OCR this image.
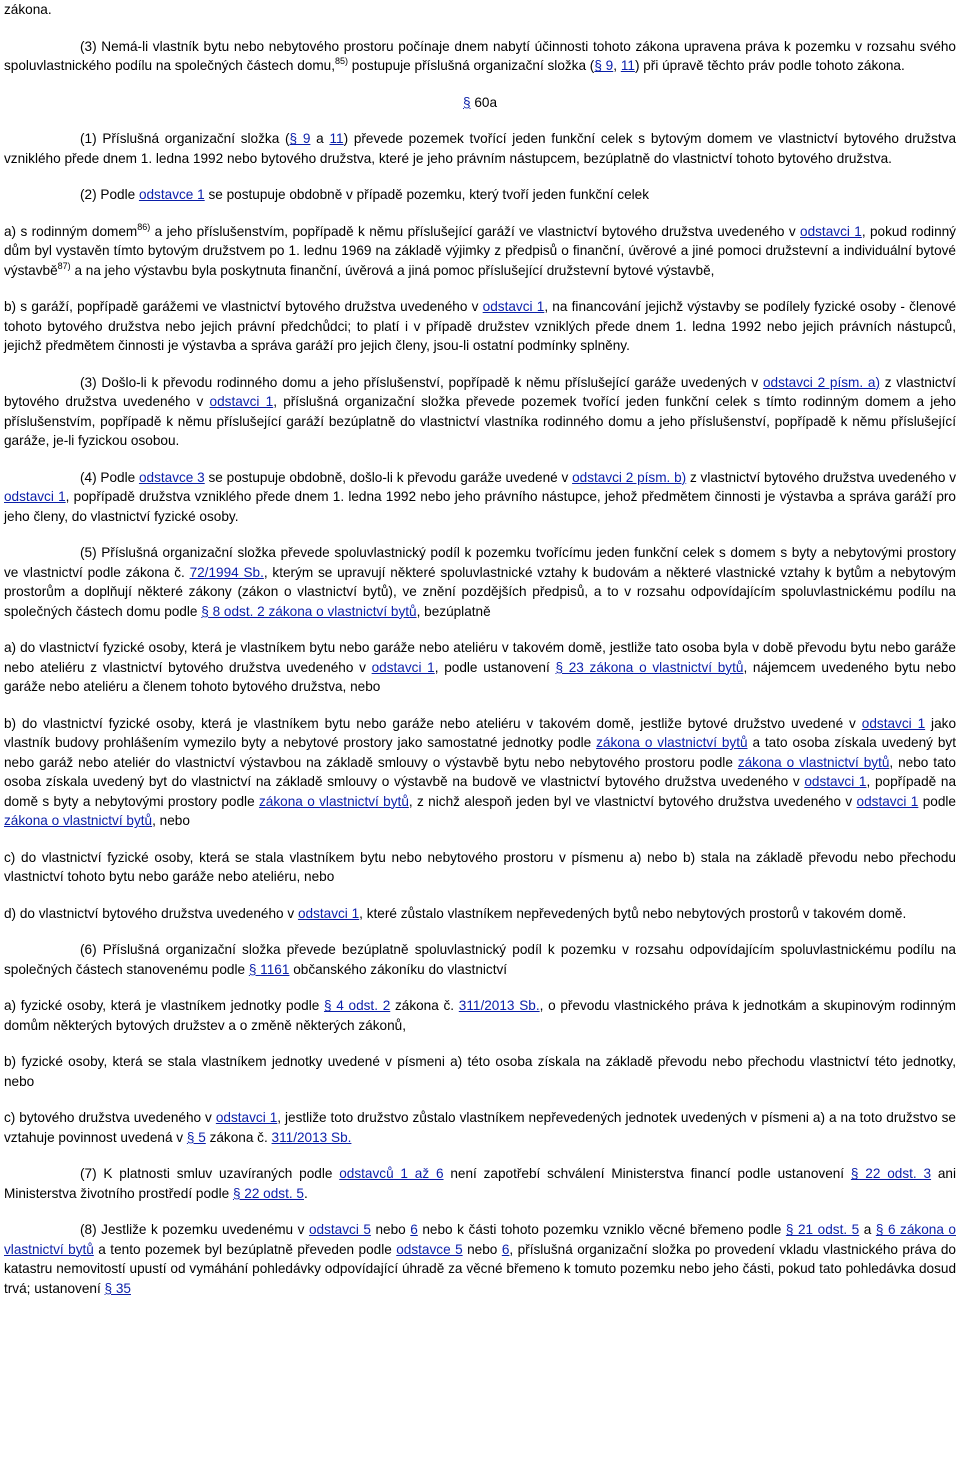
zákona.

(3) Nemá-li vlastník bytu nebo nebytového prostoru počínaje dnem nabytí účinnosti tohoto zákona upravena práva k pozemku v rozsahu svého spoluvlastnického podílu na společných částech domu,$^{85)}$ postupuje příslušná organizační složka (§ 9, 11) při úpravě těchto práv podle tohoto zákona.

§ 60a

(1) Příslušná organizační složka (§ 9 a 11) převede pozemek tvořící jeden funkční celek s bytovým domem ve vlastnictví bytového družstva vzniklého přede dnem 1. ledna 1992 nebo bytového družstva, které je jeho právním nástupcem, bezúplatně do vlastnictví tohoto bytového družstva.

(2) Podle odstavce 1 se postupuje obdobně v případě pozemku, který tvoří jeden funkční celek

a) s rodinným domem$^{86)}$ a jeho příslušenstvím, popřípadě k němu příslušející garáží ve vlastnictví bytového družstva uvedeného v odstavci 1, pokud rodinný dům byl vystavěn tímto bytovým družstvem po 1. lednu 1969 na základě výjimky z předpisů o finanční, úvěrové a jiné pomoci družstevní a individuální bytové výstavbě$^{87)}$ a na jeho výstavbu byla poskytnuta finanční, úvěrová a jiná pomoc příslušející družstevní bytové výstavbě,

b) s garáží, popřípadě garážemi ve vlastnictví bytového družstva uvedeného v odstavci 1, na financování jejichž výstavby se podílely fyzické osoby - členové tohoto bytového družstva nebo jejich právní předchůdci; to platí i v případě družstev vzniklých přede dnem 1. ledna 1992 nebo jejich právních nástupců, jejichž předmětem činnosti je výstavba a správa garáží pro jejich členy, jsou-li ostatní podmínky splněny.

(3) Došlo-li k převodu rodinného domu a jeho příslušenství, popřípadě k němu příslušející garáže uvedených v odstavci 2 písm. a) z vlastnictví bytového družstva uvedeného v odstavci 1, příslušná organizační složka převede pozemek tvořící jeden funkční celek s tímto rodinným domem a jeho příslušenstvím, popřípadě k němu příslušející garáží bezúplatně do vlastnictví vlastníka rodinného domu a jeho příslušenství, popřípadě k němu příslušející garáže, je-li fyzickou osobou.

(4) Podle odstavce 3 se postupuje obdobně, došlo-li k převodu garáže uvedené v odstavci 2 písm. b) z vlastnictví bytového družstva uvedeného v odstavci 1, popřípadě družstva vzniklého přede dnem 1. ledna 1992 nebo jeho právního nástupce, jehož předmětem činnosti je výstavba a správa garáží pro jeho členy, do vlastnictví fyzické osoby.

(5) Příslušná organizační složka převede spoluvlastnický podíl k pozemku tvořícímu jeden funkční celek s domem s byty a nebytovými prostory ve vlastnictví podle zákona č. 72/1994 Sb., kterým se upravují některé spoluvlastnické vztahy k budovám a některé vlastnické vztahy k bytům a nebytovým prostorům a doplňují některé zákony (zákon o vlastnictví bytů), ve znění pozdějších předpisů, a to v rozsahu odpovídajícím spoluvlastnickému podílu na společných částech domu podle § 8 odst. 2 zákona o vlastnictví bytů, bezúplatně

a) do vlastnictví fyzické osoby, která je vlastníkem bytu nebo garáže nebo ateliéru v takovém domě, jestliže tato osoba byla v době převodu bytu nebo garáže nebo ateliéru z vlastnictví bytového družstva uvedeného v odstavci 1, podle ustanovení § 23 zákona o vlastnictví bytů, nájemcem uvedeného bytu nebo garáže nebo ateliéru a členem tohoto bytového družstva, nebo

b) do vlastnictví fyzické osoby, která je vlastníkem bytu nebo garáže nebo ateliéru v takovém domě, jestliže bytové družstvo uvedené v odstavci 1 jako vlastník budovy prohlášením vymezilo byty a nebytové prostory jako samostatné jednotky podle zákona o vlastnictví bytů a tato osoba získala uvedený byt nebo garáž nebo ateliér do vlastnictví výstavbou na základě smlouvy o výstavbě bytu nebo nebytového prostoru podle zákona o vlastnictví bytů, nebo tato osoba získala uvedený byt do vlastnictví na základě smlouvy o výstavbě na budově ve vlastnictví bytového družstva uvedeného v odstavci 1, popřípadě na domě s byty a nebytovými prostory podle zákona o vlastnictví bytů, z nichž alespoň jeden byl ve vlastnictví bytového družstva uvedeného v odstavci 1 podle zákona o vlastnictví bytů, nebo

c) do vlastnictví fyzické osoby, která se stala vlastníkem bytu nebo nebytového prostoru v písmenu a) nebo b) stala na základě převodu nebo přechodu vlastnictví tohoto bytu nebo garáže nebo ateliéru, nebo

d) do vlastnictví bytového družstva uvedeného v odstavci 1, které zůstalo vlastníkem nepřevedených bytů nebo nebytových prostorů v takovém domě.

(6) Příslušná organizační složka převede bezúplatně spoluvlastnický podíl k pozemku v rozsahu odpovídajícím spoluvlastnickému podílu na společných částech stanovenému podle § 1161 občanského zákoníku do vlastnictví

a) fyzické osoby, která je vlastníkem jednotky podle § 4 odst. 2 zákona č. 311/2013 Sb., o převodu vlastnického práva k jednotkám a skupinovým rodinným domům některých bytových družstev a o změně některých zákonů,

b) fyzické osoby, která se stala vlastníkem jednotky uvedené v písmeni a) této osoba získala na základě převodu nebo přechodu vlastnictví této jednotky, nebo

c) bytového družstva uvedeného v odstavci 1, jestliže toto družstvo zůstalo vlastníkem nepřevedených jednotek uvedených v písmeni a) a na toto družstvo se vztahuje povinnost uvedená v § 5 zákona č. 311/2013 Sb.

(7) K platnosti smluv uzavíraných podle odstavců 1 až 6 není zapotřebí schválení Ministerstva financí podle ustanovení § 22 odst. 3 ani Ministerstva životního prostředí podle § 22 odst. 5.

(8) Jestliže k pozemku uvedenému v odstavci 5 nebo 6 nebo k části tohoto pozemku vzniklo věcné břemeno podle § 21 odst. 5 a § 6 zákona o vlastnictví bytů a tento pozemek byl bezúplatně převeden podle odstavce 5 nebo 6, příslušná organizační složka po provedení vkladu vlastnického práva do katastru nemovitostí upustí od vymáhání pohledávky odpovídající úhradě za věcné břemeno k tomuto pozemku nebo jeho části, pokud tato pohledávka dosud trvá; ustanovení § 35
